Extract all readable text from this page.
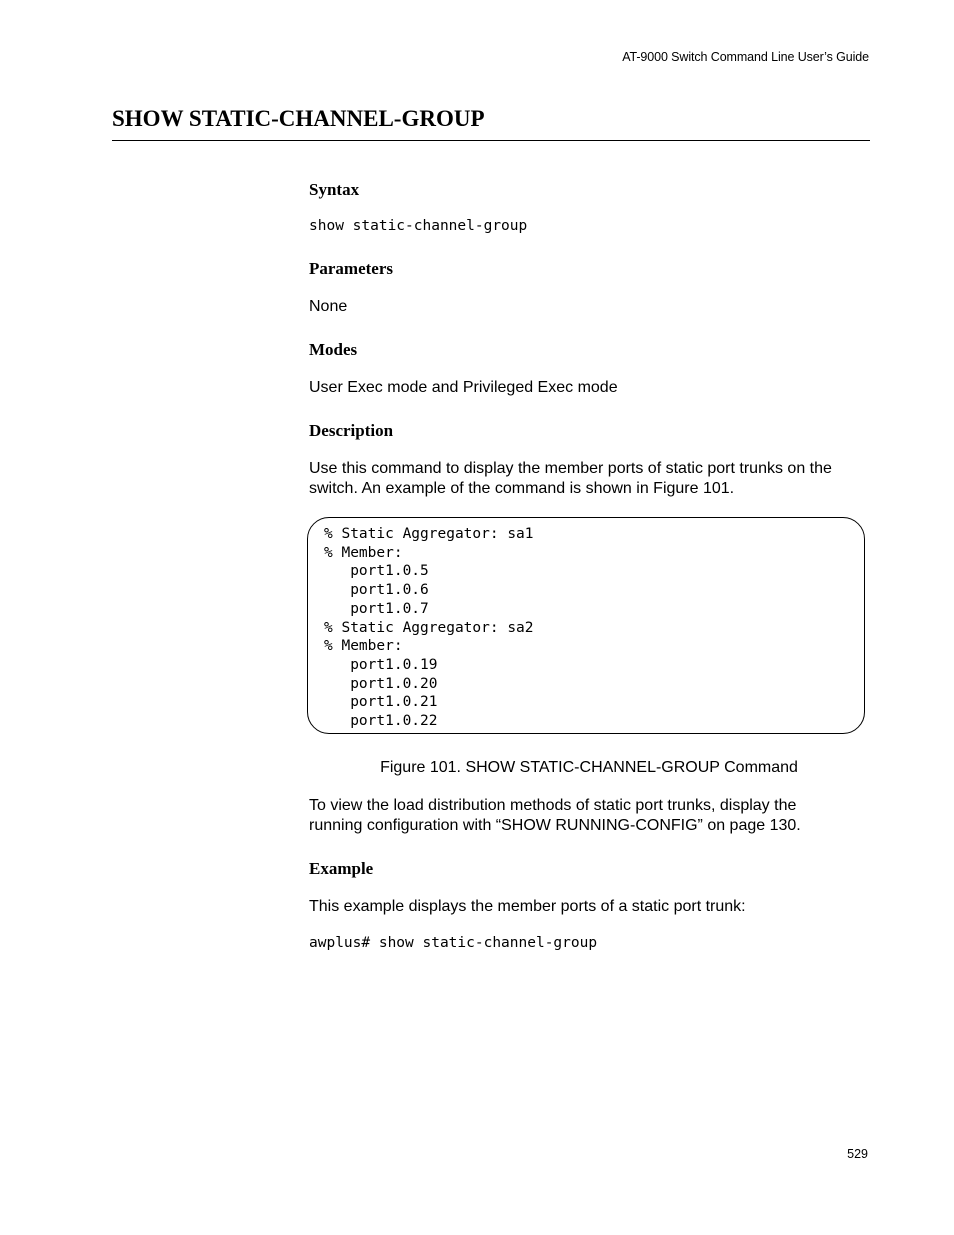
AT-9000 Switch Command Line User’s Guide
SHOW STATIC-CHANNEL-GROUP
Syntax
show static-channel-group
Parameters
None
Modes
User Exec mode and Privileged Exec mode
Description
Use this command to display the member ports of static port trunks on the
switch. An example of the command is shown in Figure 101.
% Static Aggregator: sa1
% Member:
port1.0.5
port1.0.6
port1.0.7
% Static Aggregator: sa2
% Member:
port1.0.19
port1.0.20
port1.0.21
port1.0.22
Figure 101. SHOW STATIC-CHANNEL-GROUP Command
To view the load distribution methods of static port trunks, display the
running configuration with “SHOW RUNNING-CONFIG” on page 130.
Example
This example displays the member ports of a static port trunk:
awplus# show static-channel-group
529
